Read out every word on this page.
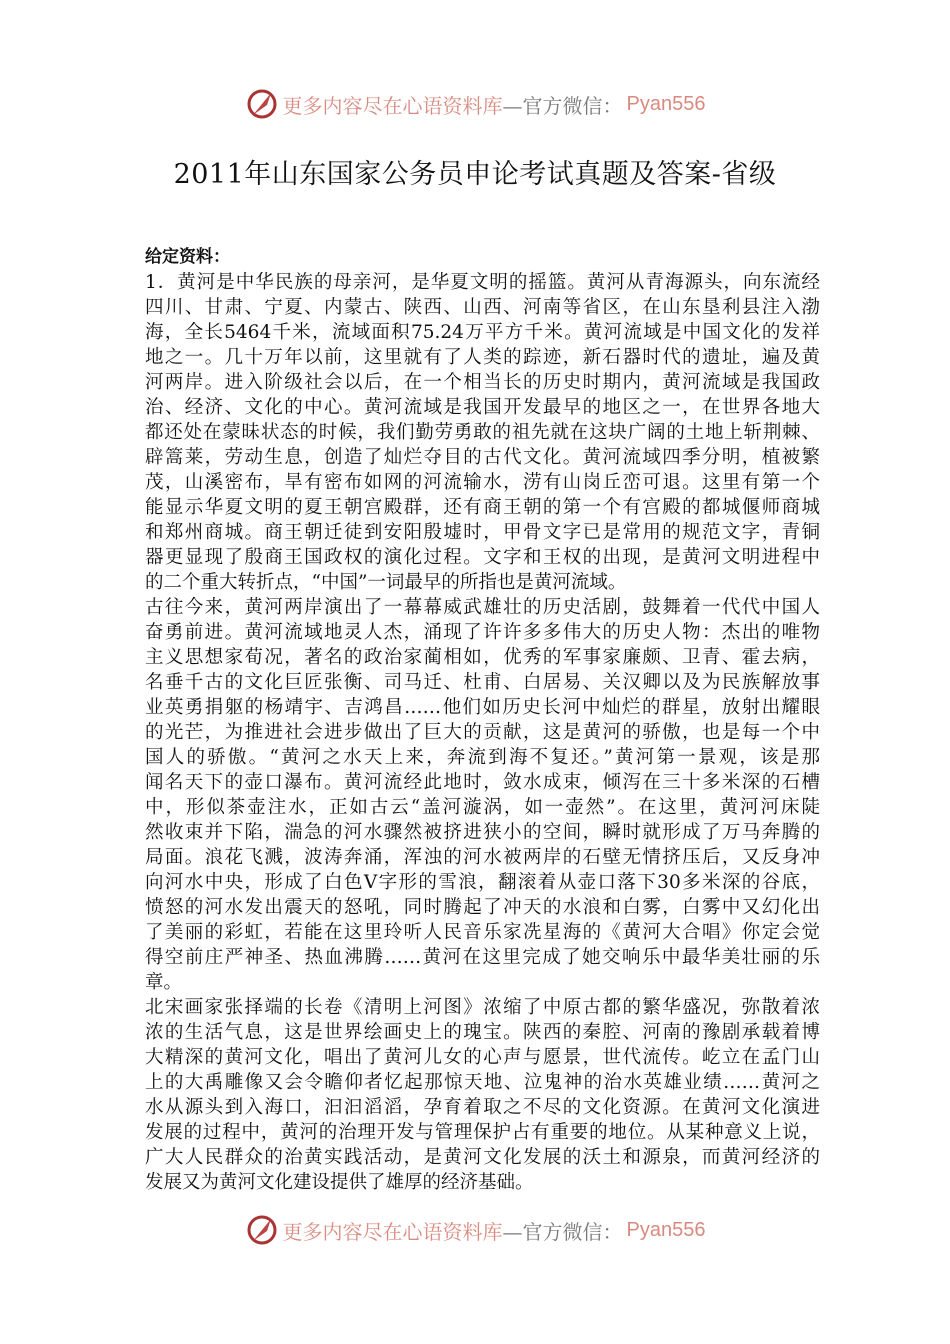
更多内容尽在心语资料库 —官方微信： Pyan556
2011年山东国家公务员申论考试真题及答案-省级
给定资料：
1．黄河是中华民族的母亲河，是华夏文明的摇篮。黄河从青海源头，向东流经
四川、甘肃、宁夏、内蒙古、陕西、山西、河南等省区，在山东垦利县注入渤
海，全长5464千米，流域面积75.24万平方千米。黄河流域是中国文化的发祥
地之一。几十万年以前，这里就有了人类的踪迹，新石器时代的遗址，遍及黄
河两岸。进入阶级社会以后，在一个相当长的历史时期内，黄河流域是我国政
治、经济、文化的中心。黄河流域是我国开发最早的地区之一，在世界各地大
都还处在蒙昧状态的时候，我们勤劳勇敢的祖先就在这块广阔的土地上斩荆棘、
辟篙莱，劳动生息，创造了灿烂夺目的古代文化。黄河流域四季分明，植被繁
茂，山溪密布，旱有密布如网的河流输水，涝有山岗丘峦可退。这里有第一个
能显示华夏文明的夏王朝宫殿群，还有商王朝的第一个有宫殿的都城偃师商城
和郑州商城。商王朝迁徒到安阳殷墟时，甲骨文字已是常用的规范文字，青铜
器更显现了殷商王国政权的演化过程。文字和王权的出现，是黄河文明进程中
的二个重大转折点，“中国”一词最早的所指也是黄河流域。
古往今来，黄河两岸演出了一幕幕威武雄壮的历史活剧，鼓舞着一代代中国人
奋勇前进。黄河流域地灵人杰，涌现了许许多多伟大的历史人物：杰出的唯物
主义思想家荀况，著名的政治家蔺相如，优秀的军事家廉颇、卫青、霍去病，
名垂千古的文化巨匠张衡、司马迁、杜甫、白居易、关汉卿以及为民族解放事
业英勇捐躯的杨靖宇、吉鸿昌……他们如历史长河中灿烂的群星，放射出耀眼
的光芒，为推进社会进步做出了巨大的贡献，这是黄河的骄傲，也是每一个中
国人的骄傲。“黄河之水天上来，奔流到海不复还。”黄河第一景观，该是那
闻名天下的壶口瀑布。黄河流经此地时，敛水成束，倾泻在三十多米深的石槽
中，形似茶壶注水，正如古云“盖河漩涡，如一壶然”。在这里，黄河河床陡
然收束并下陷，湍急的河水骤然被挤进狭小的空间，瞬时就形成了万马奔腾的
局面。浪花飞溅，波涛奔涌，浑浊的河水被两岸的石壁无情挤压后，又反身冲
向河水中央，形成了白色V字形的雪浪，翻滚着从壶口落下30多米深的谷底，
愤怒的河水发出震天的怒吼，同时腾起了冲天的水浪和白雾，白雾中又幻化出
了美丽的彩虹，若能在这里玲听人民音乐家冼星海的《黄河大合唱》你定会觉
得空前庄严神圣、热血沸腾……黄河在这里完成了她交响乐中最华美壮丽的乐
章。
北宋画家张择端的长卷《清明上河图》浓缩了中原古都的繁华盛况，弥散着浓
浓的生活气息，这是世界绘画史上的瑰宝。陕西的秦腔、河南的豫剧承载着博
大精深的黄河文化，唱出了黄河儿女的心声与愿景，世代流传。屹立在孟门山
上的大禹雕像又会令瞻仰者忆起那惊天地、泣鬼神的治水英雄业绩……黄河之
水从源头到入海口，汩汩滔滔，孕育着取之不尽的文化资源。在黄河文化演进
发展的过程中，黄河的治理开发与管理保护占有重要的地位。从某种意义上说，
广大人民群众的治黄实践活动，是黄河文化发展的沃土和源泉，而黄河经济的
发展又为黄河文化建设提供了雄厚的经济基础。
更多内容尽在心语资料库 —官方微信： Pyan556
